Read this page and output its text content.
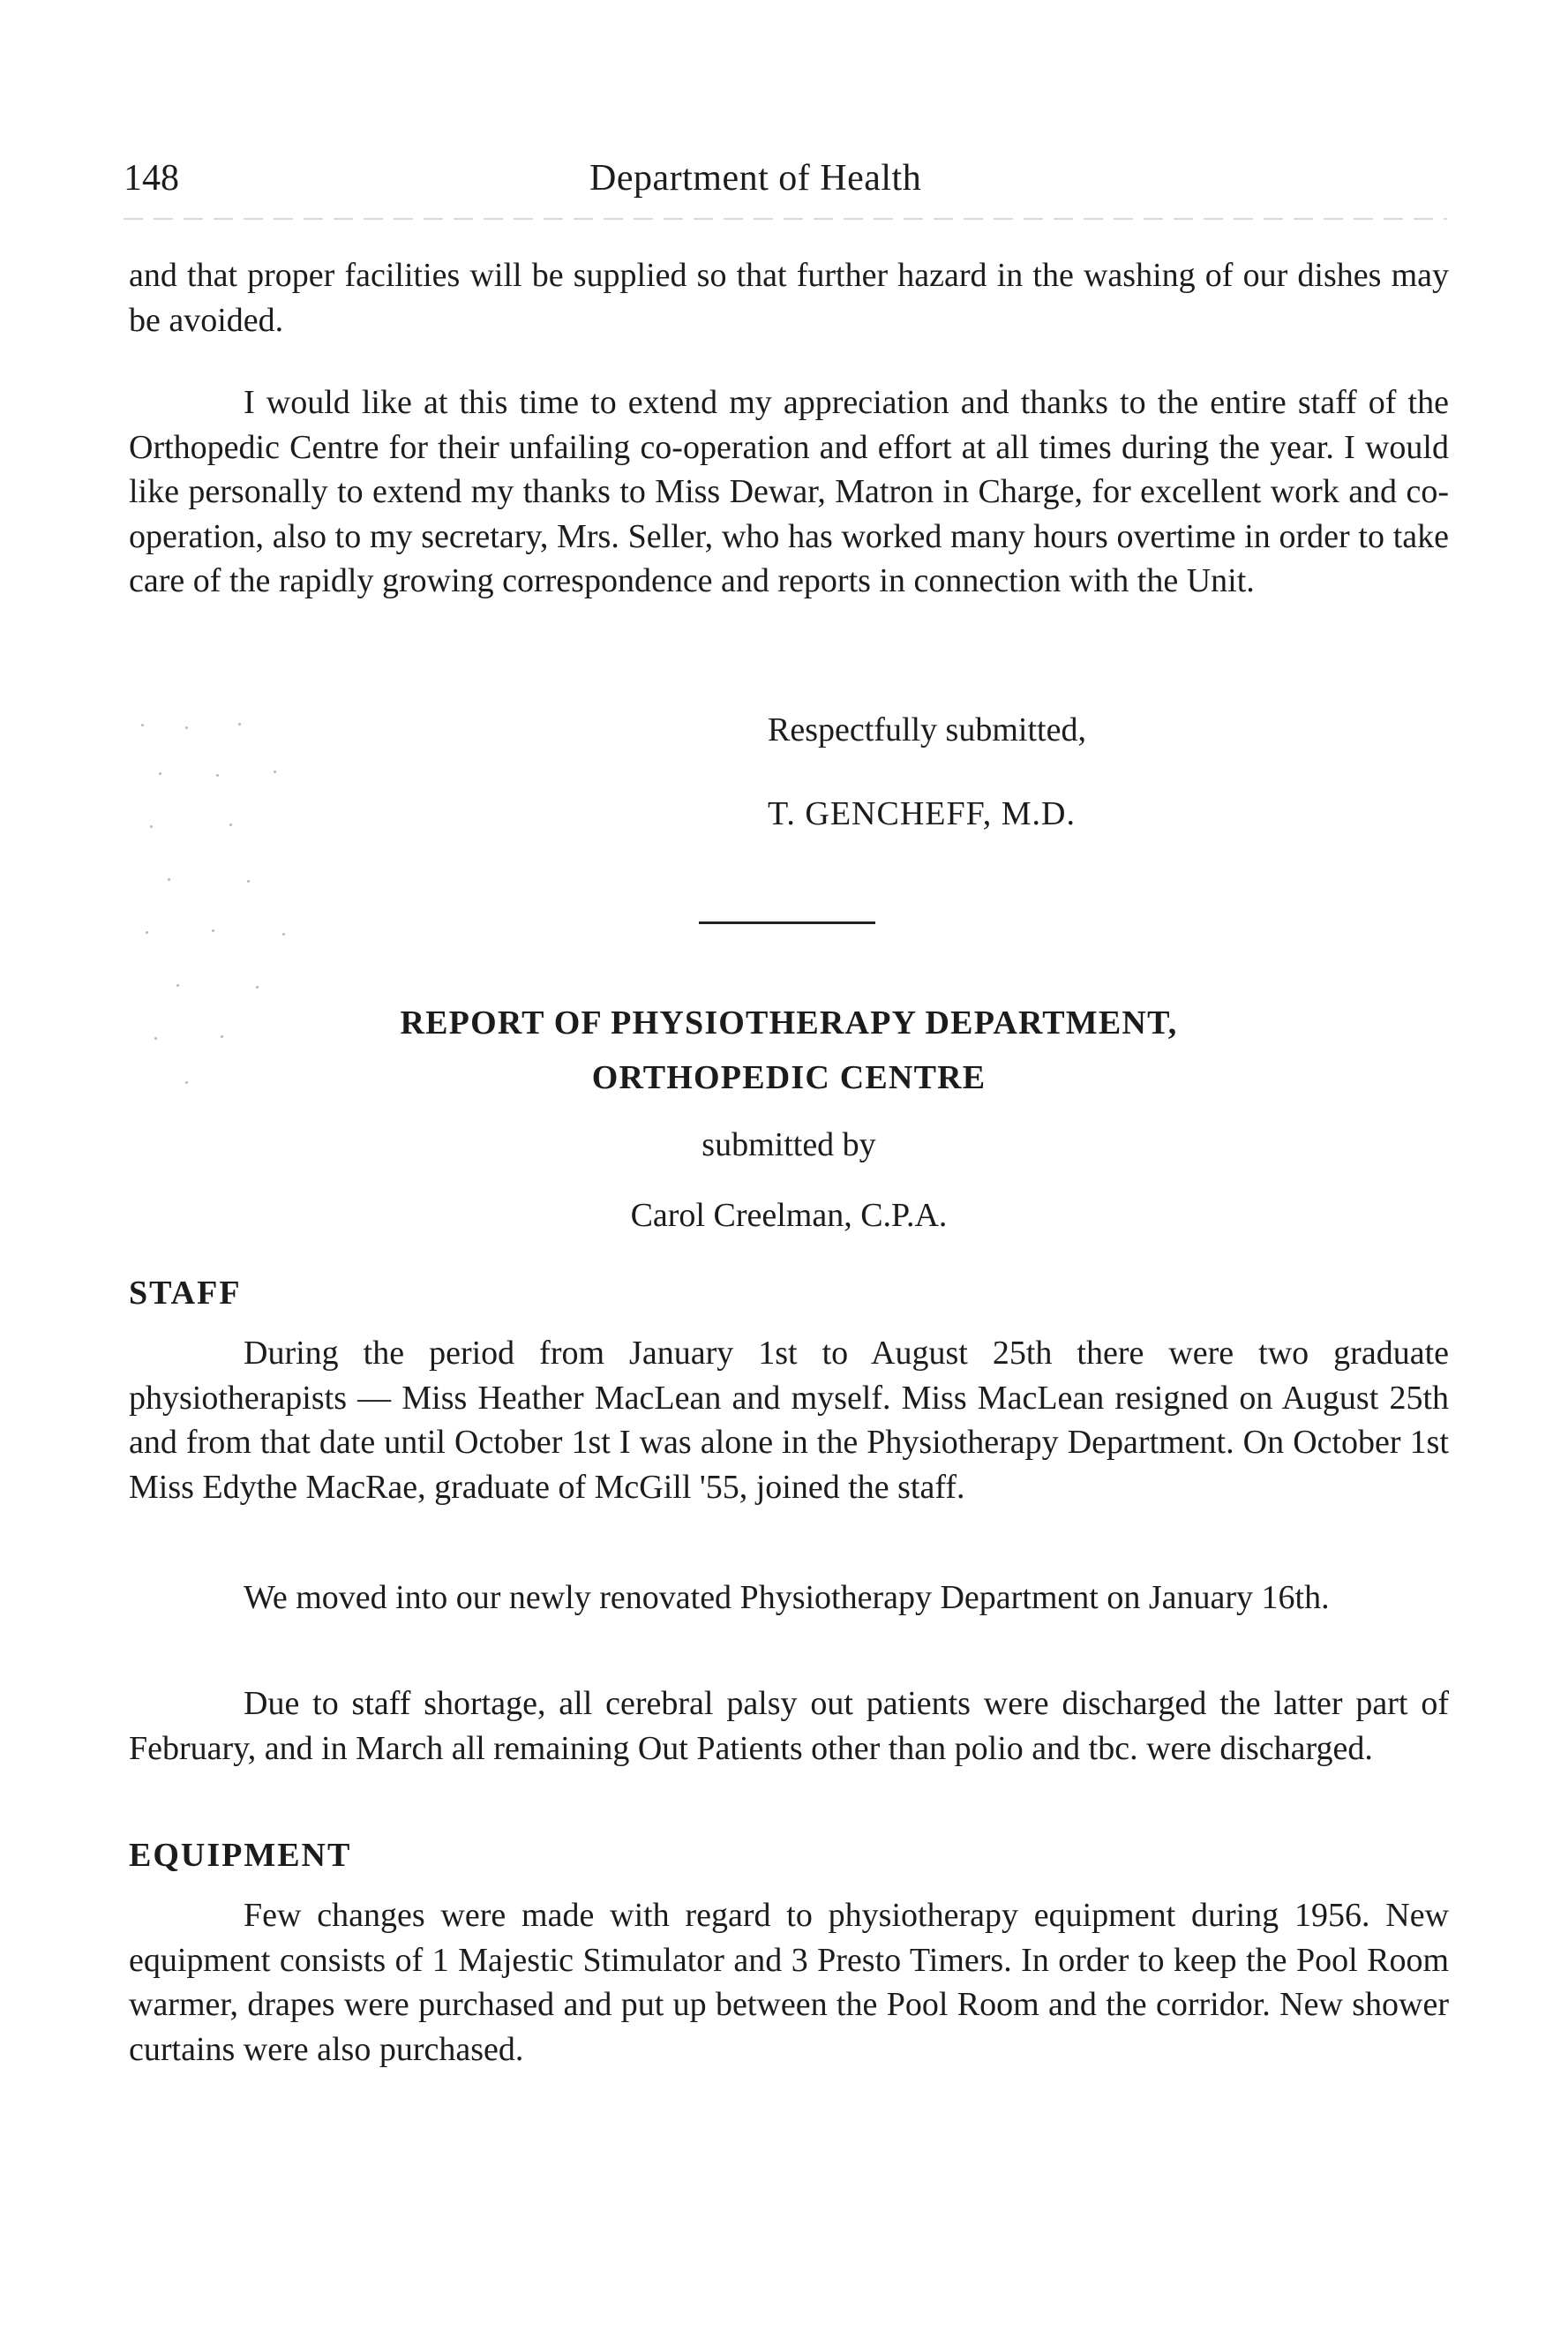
148	Department of Health

and that proper facilities will be supplied so that further hazard in the washing of our dishes may be avoided.

I would like at this time to extend my appreciation and thanks to the entire staff of the Orthopedic Centre for their unfailing co-operation and effort at all times during the year. I would like personally to extend my thanks to Miss Dewar, Matron in Charge, for excellent work and co-operation, also to my secretary, Mrs. Seller, who has worked many hours overtime in order to take care of the rapidly growing correspondence and reports in connection with the Unit.

Respectfully submitted,

T. GENCHEFF, M.D.

REPORT OF PHYSIOTHERAPY DEPARTMENT,
ORTHOPEDIC CENTRE

submitted by

Carol Creelman, C.P.A.

STAFF

During the period from January 1st to August 25th there were two graduate physiotherapists — Miss Heather MacLean and myself. Miss MacLean resigned on August 25th and from that date until October 1st I was alone in the Physiotherapy Department. On October 1st Miss Edythe MacRae, graduate of McGill '55, joined the staff.

We moved into our newly renovated Physiotherapy Department on January 16th.

Due to staff shortage, all cerebral palsy out patients were discharged the latter part of February, and in March all remaining Out Patients other than polio and tbc. were discharged.

EQUIPMENT

Few changes were made with regard to physiotherapy equipment during 1956. New equipment consists of 1 Majestic Stimulator and 3 Presto Timers. In order to keep the Pool Room warmer, drapes were purchased and put up between the Pool Room and the corridor. New shower curtains were also purchased.
